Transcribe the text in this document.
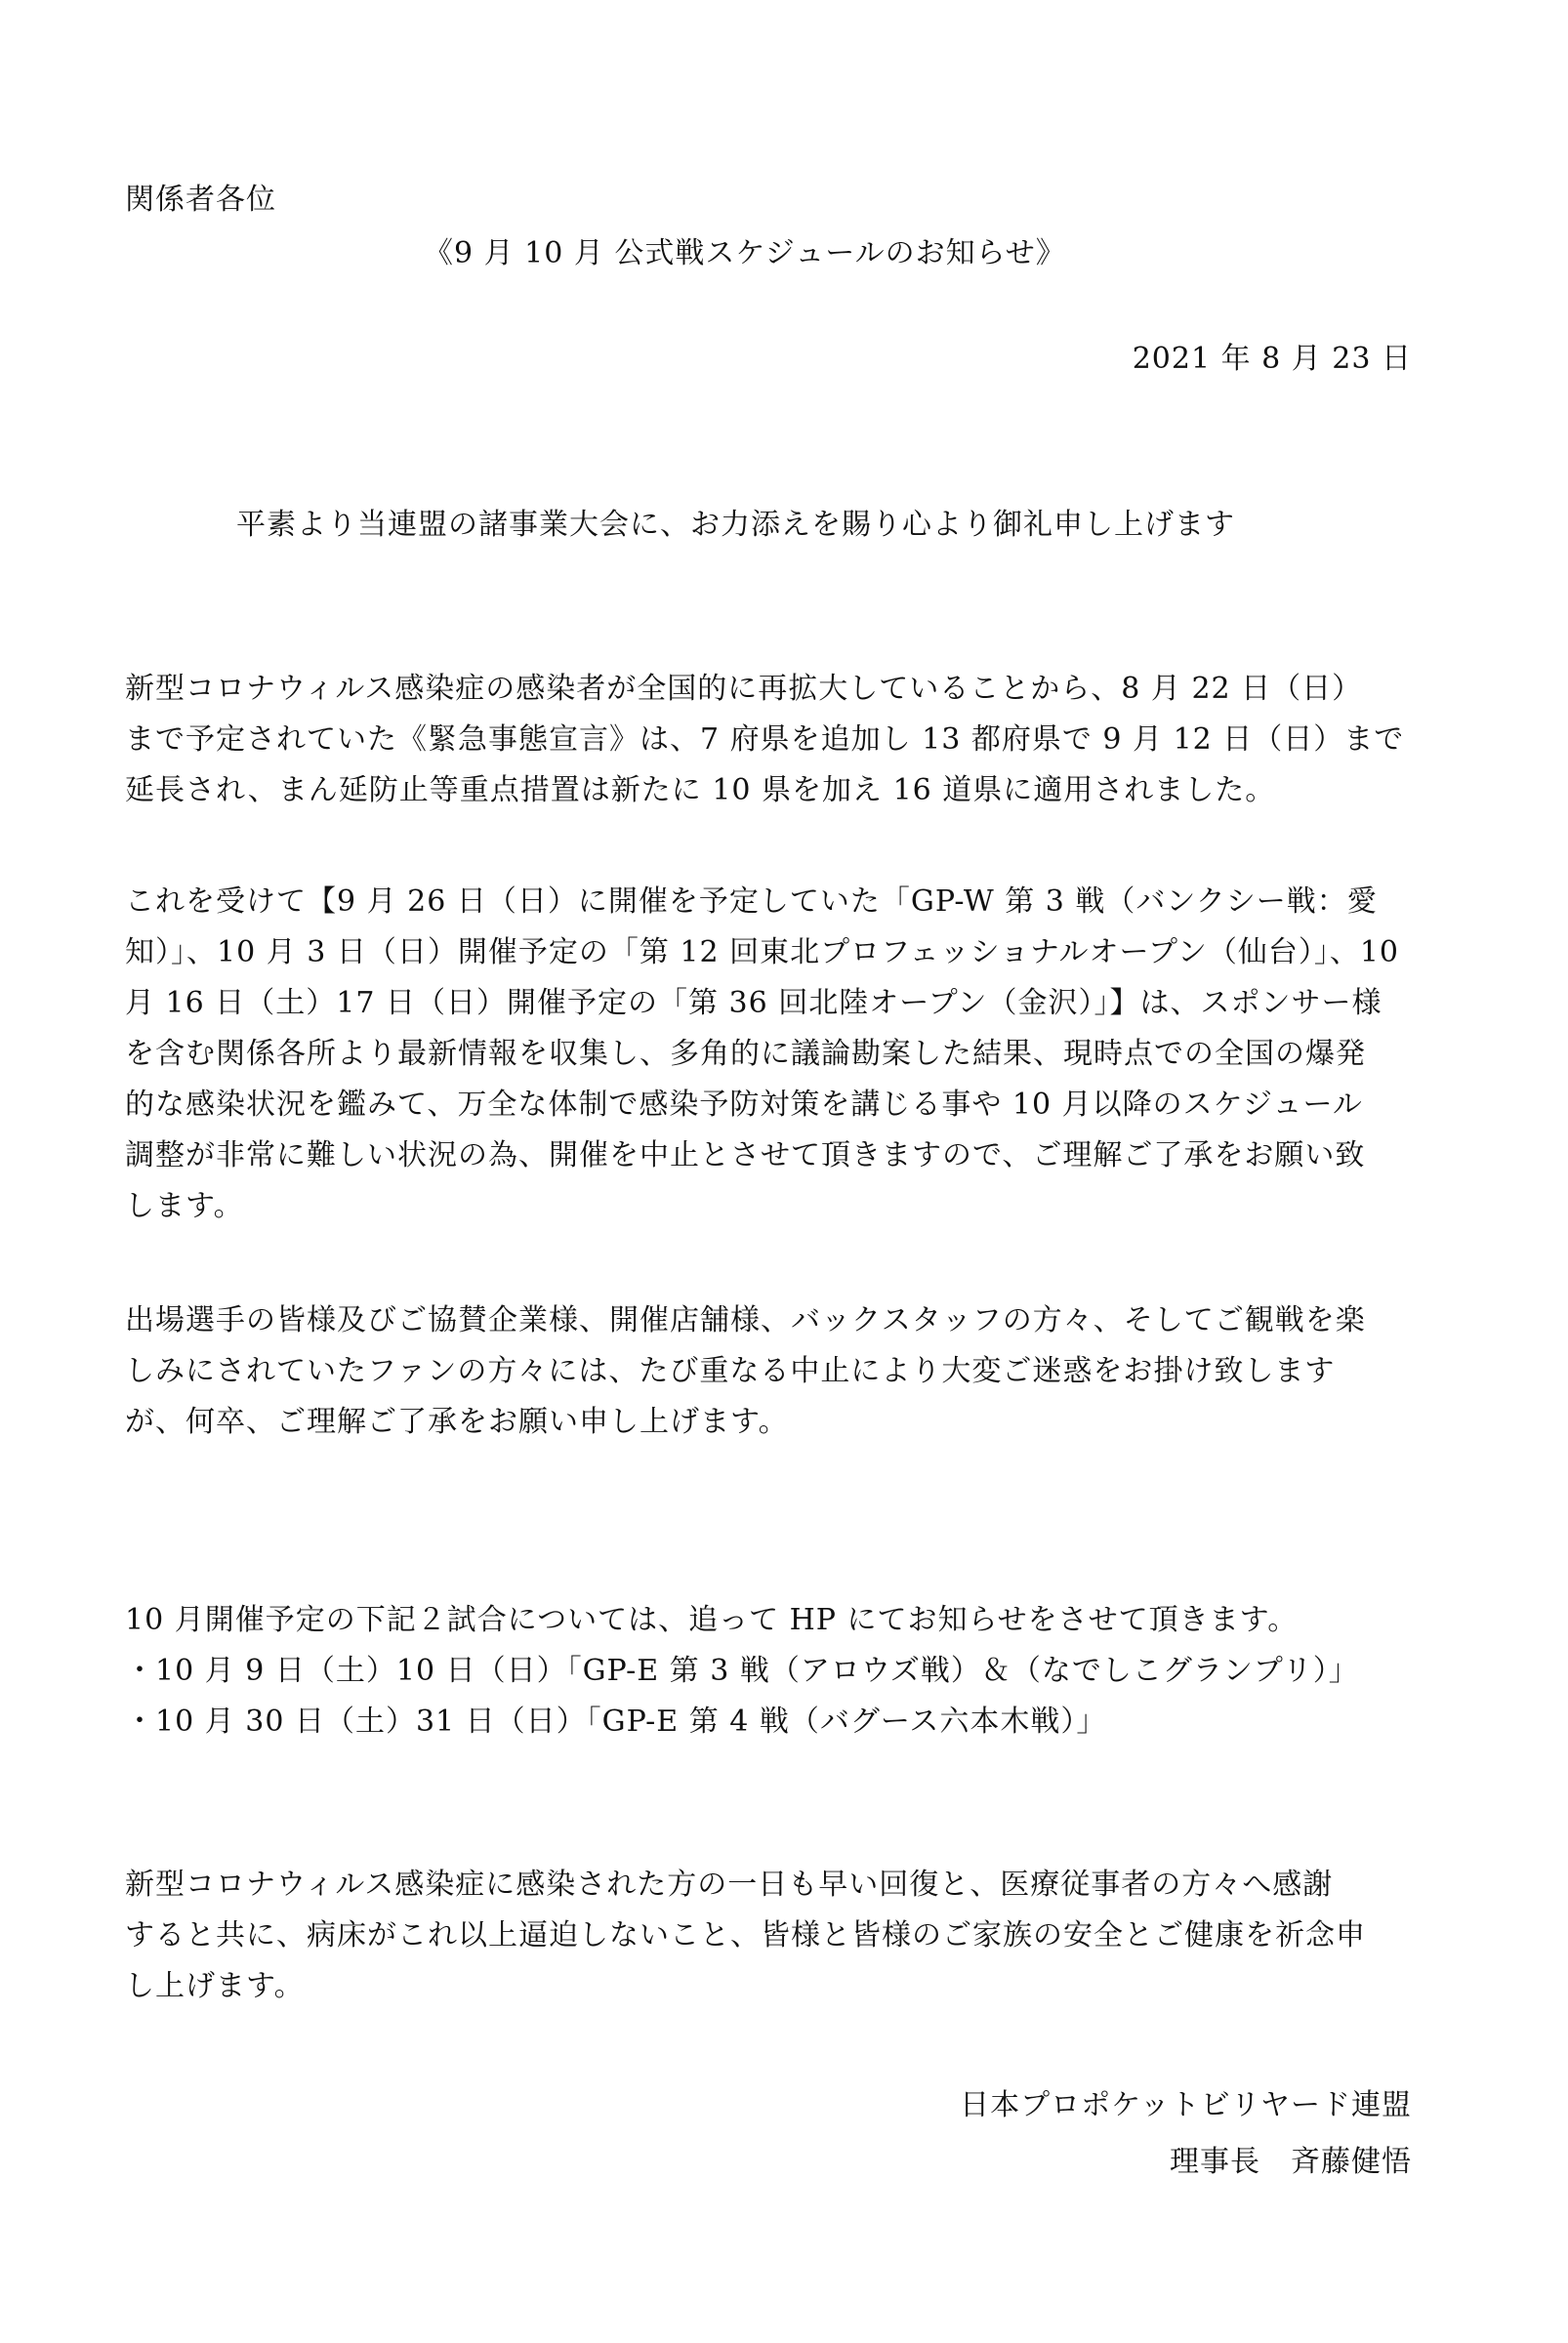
関係者各位
《9 月 10 月 公式戦スケジュールのお知らせ》
2021 年 8 月 23 日
平素より当連盟の諸事業大会に、お力添えを賜り心より御礼申し上げます
新型コロナウィルス感染症の感染者が全国的に再拡大していることから、8 月 22 日（日）
まで予定されていた《緊急事態宣言》は、7 府県を追加し 13 都府県で 9 月 12 日（日）まで
延長され、まん延防止等重点措置は新たに 10 県を加え 16 道県に適用されました。
これを受けて【9 月 26 日（日）に開催を予定していた「GP-W 第 3 戦（バンクシー戦：愛
知）」、10 月 3 日（日）開催予定の「第 12 回東北プロフェッショナルオープン（仙台）」、10
月 16 日（土）17 日（日）開催予定の「第 36 回北陸オープン（金沢）」】は、スポンサー様
を含む関係各所より最新情報を収集し、多角的に議論勘案した結果、現時点での全国の爆発
的な感染状況を鑑みて、万全な体制で感染予防対策を講じる事や 10 月以降のスケジュール
調整が非常に難しい状況の為、開催を中止とさせて頂きますので、ご理解ご了承をお願い致
します。
出場選手の皆様及びご協賛企業様、開催店舗様、バックスタッフの方々、そしてご観戦を楽
しみにされていたファンの方々には、たび重なる中止により大変ご迷惑をお掛け致します
が、何卒、ご理解ご了承をお願い申し上げます。
10 月開催予定の下記２試合については、追って HP にてお知らせをさせて頂きます。
・10 月 9 日（土）10 日（日）「GP-E 第 3 戦（アロウズ戦）＆（なでしこグランプリ）」
・10 月 30 日（土）31 日（日）「GP-E 第 4 戦（バグース六本木戦）」
新型コロナウィルス感染症に感染された方の一日も早い回復と、医療従事者の方々へ感謝
すると共に、病床がこれ以上逼迫しないこと、皆様と皆様のご家族の安全とご健康を祈念申
し上げます。
日本プロポケットビリヤード連盟
理事長　斉藤健悟
